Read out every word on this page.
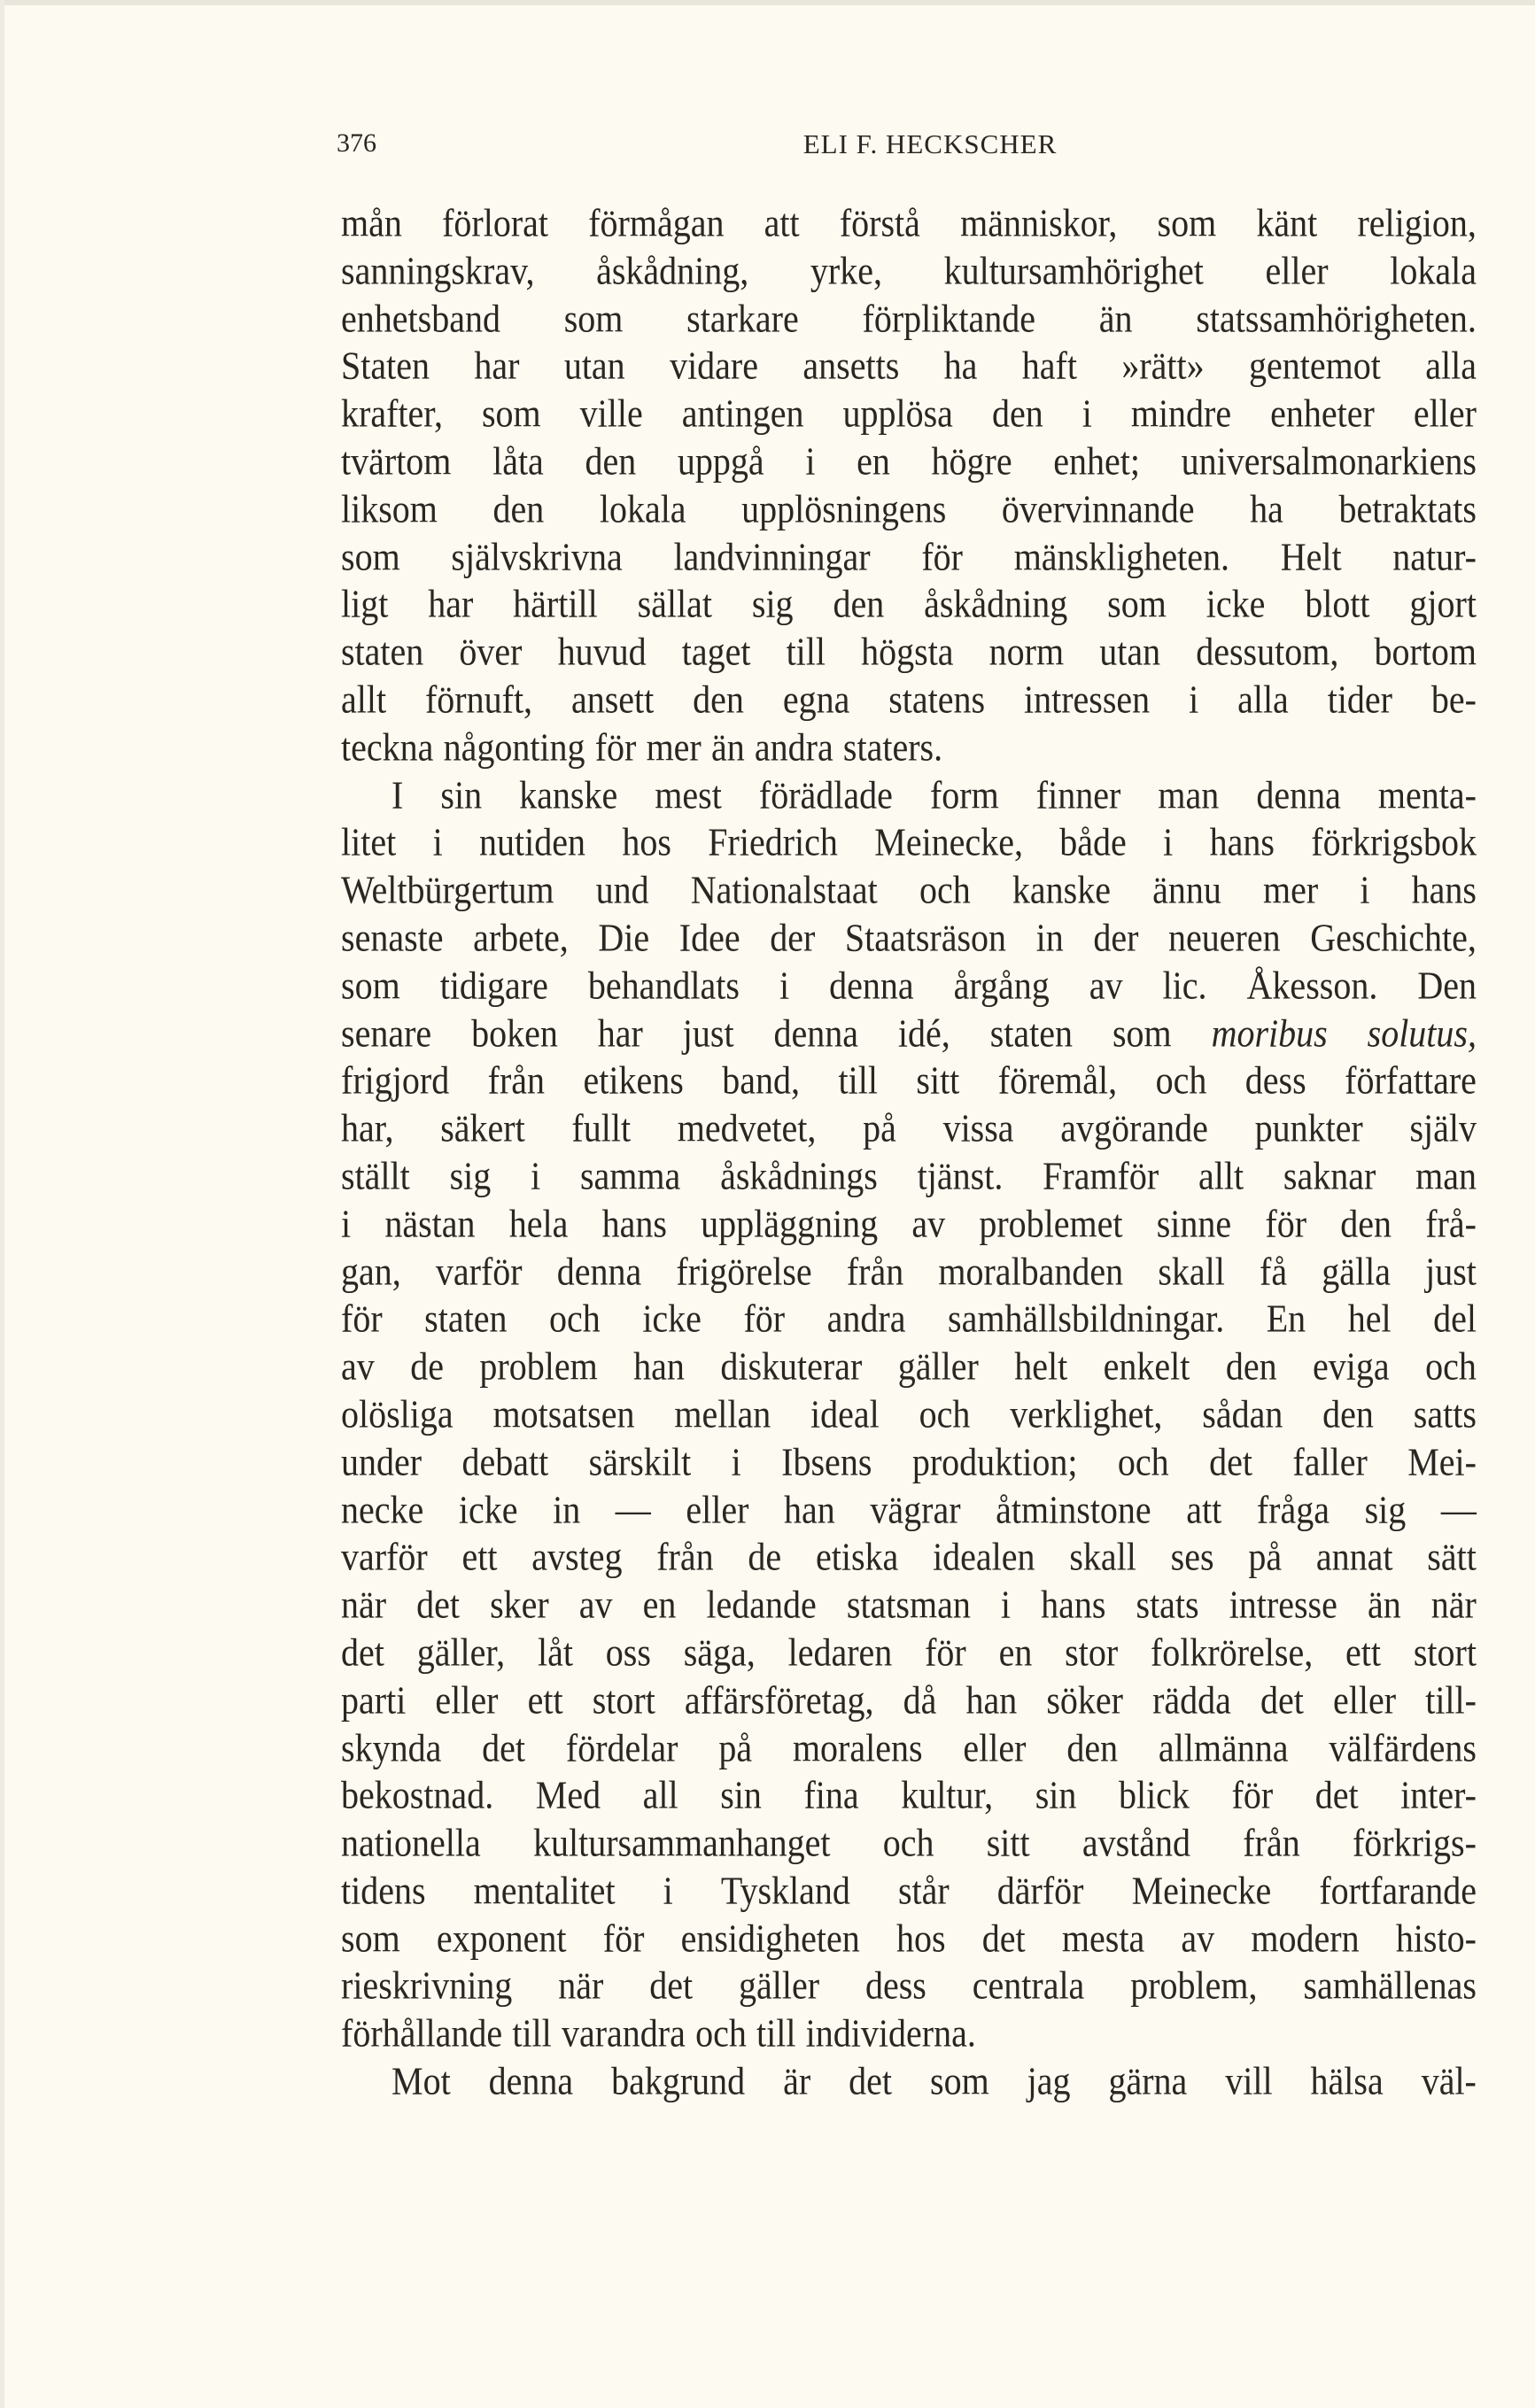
376	ELI F. HECKSCHER
mån förlorat förmågan att förstå människor, som känt religion,
sanningskrav, åskådning, yrke, kultursamhörighet eller lokala
enhetsband som starkare förpliktande än statssamhörigheten.
Staten har utan vidare ansetts ha haft »rätt» gentemot alla
krafter, som ville antingen upplösa den i mindre enheter eller
tvärtom låta den uppgå i en högre enhet; universalmonarkiens
liksom den lokala upplösningens övervinnande ha betraktats
som självskrivna landvinningar för mänskligheten. Helt natur-
ligt har härtill sällat sig den åskådning som icke blott gjort
staten över huvud taget till högsta norm utan dessutom, bortom
allt förnuft, ansett den egna statens intressen i alla tider be-
teckna någonting för mer än andra staters.
I sin kanske mest förädlade form finner man denna menta-
litet i nutiden hos Friedrich Meinecke, både i hans förkrigsbok
Weltbürgertum und Nationalstaat och kanske ännu mer i hans
senaste arbete, Die Idee der Staatsräson in der neueren Geschichte,
som tidigare behandlats i denna årgång av lic. Åkesson. Den
senare boken har just denna idé, staten som moribus solutus,
frigjord från etikens band, till sitt föremål, och dess författare
har, säkert fullt medvetet, på vissa avgörande punkter själv
ställt sig i samma åskådnings tjänst. Framför allt saknar man
i nästan hela hans uppläggning av problemet sinne för den frå-
gan, varför denna frigörelse från moralbanden skall få gälla just
för staten och icke för andra samhällsbildningar. En hel del
av de problem han diskuterar gäller helt enkelt den eviga och
olösliga motsatsen mellan ideal och verklighet, sådan den satts
under debatt särskilt i Ibsens produktion; och det faller Mei-
necke icke in — eller han vägrar åtminstone att fråga sig —
varför ett avsteg från de etiska idealen skall ses på annat sätt
när det sker av en ledande statsman i hans stats intresse än när
det gäller, låt oss säga, ledaren för en stor folkrörelse, ett stort
parti eller ett stort affärsföretag, då han söker rädda det eller till-
skynda det fördelar på moralens eller den allmänna välfärdens
bekostnad. Med all sin fina kultur, sin blick för det inter-
nationella kultursammanhanget och sitt avstånd från förkrigs-
tidens mentalitet i Tyskland står därför Meinecke fortfarande
som exponent för ensidigheten hos det mesta av modern histo-
rieskrivning när det gäller dess centrala problem, samhällenas
förhållande till varandra och till individerna.
Mot denna bakgrund är det som jag gärna vill hälsa väl-
